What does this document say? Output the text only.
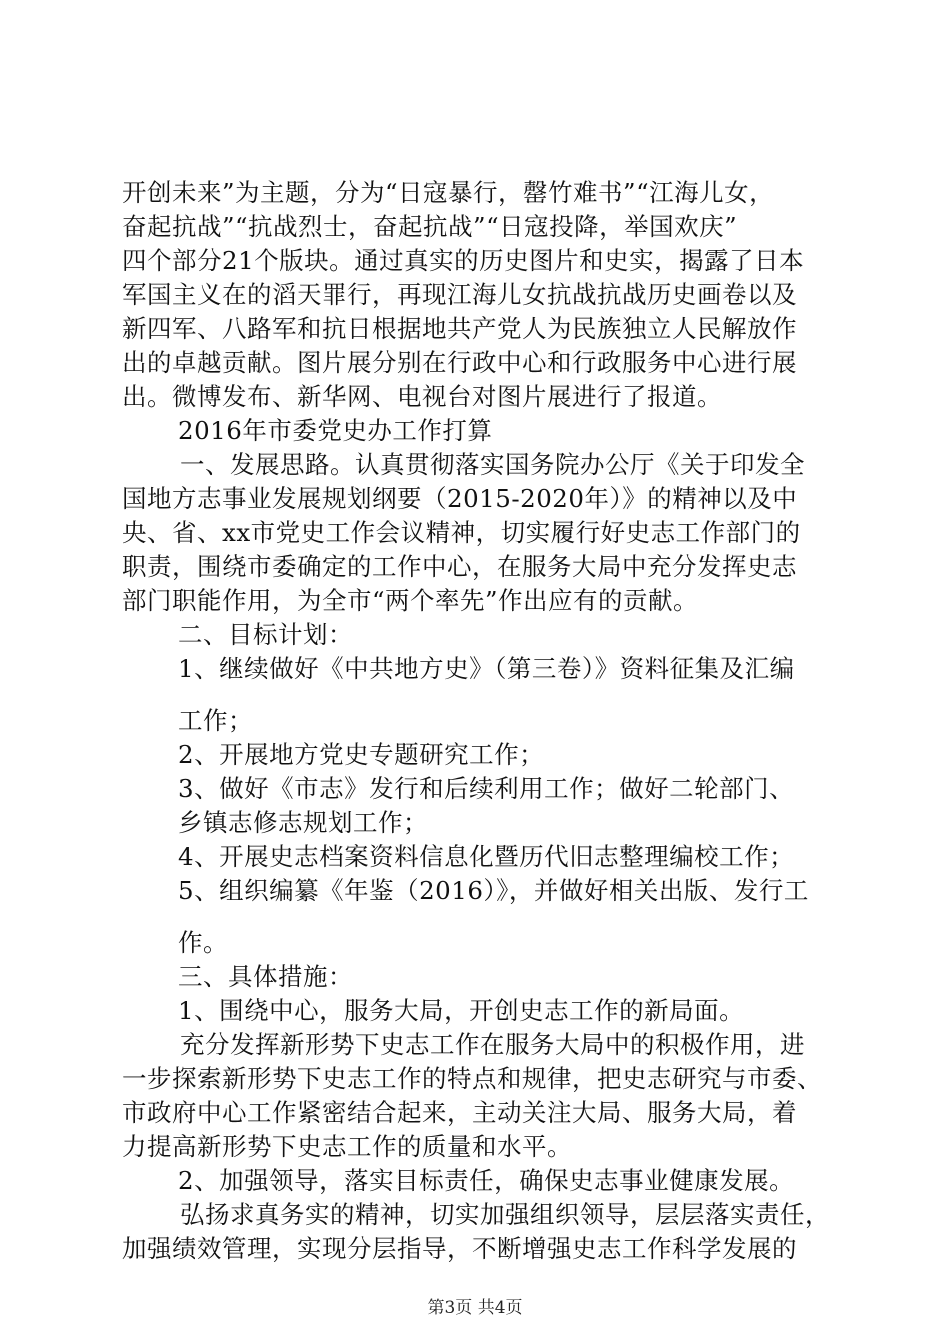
开创未来”为主题，分为“日寇暴行，罄竹难书”“江海儿女，
奋起抗战”“抗战烈士，奋起抗战”“日寇投降，举国欢庆”
四个部分21个版块。通过真实的历史图片和史实，揭露了日本
军国主义在的滔天罪行，再现江海儿女抗战抗战历史画卷以及
新四军、八路军和抗日根据地共产党人为民族独立人民解放作
出的卓越贡献。图片展分别在行政中心和行政服务中心进行展
出。微博发布、新华网、电视台对图片展进行了报道。
2016年市委党史办工作打算
一、发展思路。认真贯彻落实国务院办公厅《关于印发全
国地方志事业发展规划纲要（2015-2020年）》的精神以及中
央、省、xx市党史工作会议精神，切实履行好史志工作部门的
职责，围绕市委确定的工作中心，在服务大局中充分发挥史志
部门职能作用，为全市“两个率先”作出应有的贡献。
二、目标计划：
1、继续做好《中共地方史》（第三卷）》资料征集及汇编
工作；
2、开展地方党史专题研究工作；
3、做好《市志》发行和后续利用工作；做好二轮部门、
乡镇志修志规划工作；
4、开展史志档案资料信息化暨历代旧志整理编校工作；
5、组织编纂《年鉴（2016）》，并做好相关出版、发行工
作。
三、具体措施：
1、围绕中心，服务大局，开创史志工作的新局面。
充分发挥新形势下史志工作在服务大局中的积极作用，进
一步探索新形势下史志工作的特点和规律，把史志研究与市委、
市政府中心工作紧密结合起来，主动关注大局、服务大局，着
力提高新形势下史志工作的质量和水平。
2、加强领导，落实目标责任，确保史志事业健康发展。
弘扬求真务实的精神，切实加强组织领导，层层落实责任，
加强绩效管理，实现分层指导，不断增强史志工作科学发展的
第3页 共4页
